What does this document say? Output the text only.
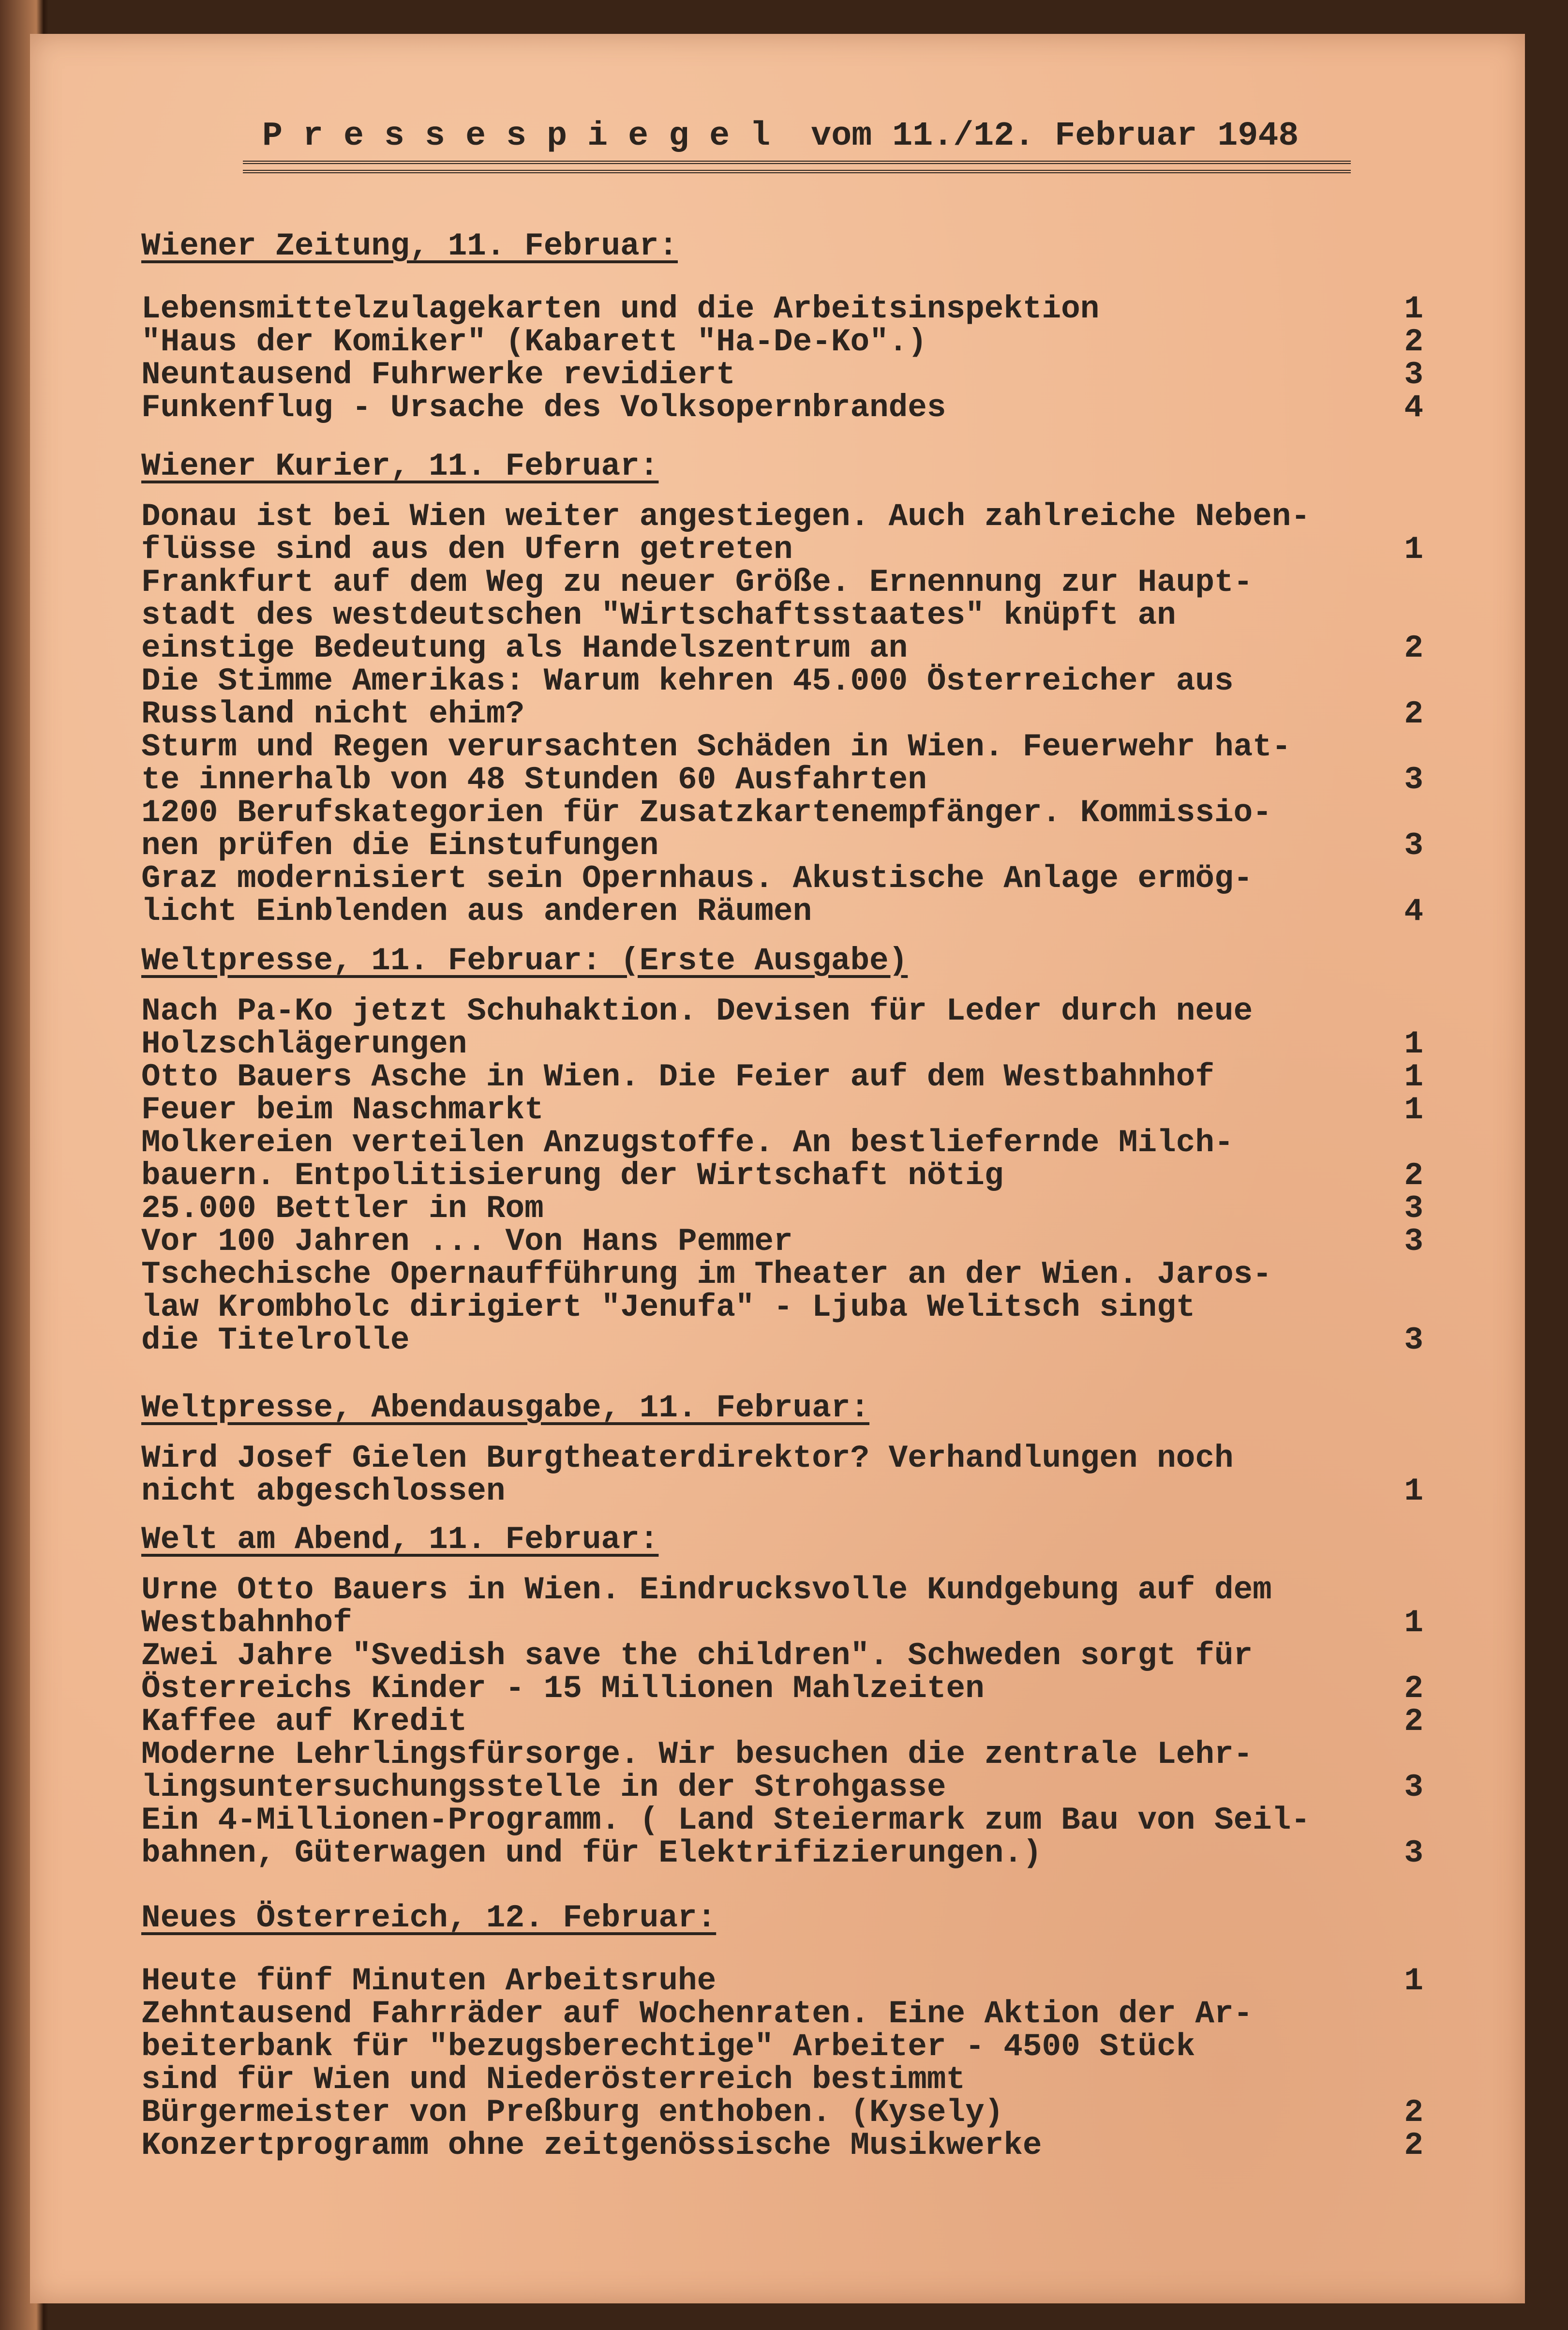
P r e s s e s p i e g e l  vom 11./12. Februar 1948
Wiener Zeitung, 11. Februar:
Lebensmittelzulagekarten und die Arbeitsinspektion	1
"Haus der Komiker" (Kabarett "Ha-De-Ko".)	2
Neuntausend Fuhrwerke revidiert	3
Funkenflug - Ursache des Volksopernbrandes	4
Wiener Kurier, 11. Februar:
Donau ist bei Wien weiter angestiegen. Auch zahlreiche Neben-
flüsse sind aus den Ufern getreten	1
Frankfurt auf dem Weg zu neuer Größe. Ernennung zur Haupt-
stadt des westdeutschen "Wirtschaftsstaates" knüpft an
einstige Bedeutung als Handelszentrum an	2
Die Stimme Amerikas: Warum kehren 45.000 Österreicher aus
Russland nicht ehim?	2
Sturm und Regen verursachten Schäden in Wien. Feuerwehr hat-
te innerhalb von 48 Stunden 60 Ausfahrten	3
1200 Berufskategorien für Zusatzkartenempfänger. Kommissio-
nen prüfen die Einstufungen	3
Graz modernisiert sein Opernhaus. Akustische Anlage ermög-
licht Einblenden aus anderen Räumen	4
Weltpresse, 11. Februar: (Erste Ausgabe)
Nach Pa-Ko jetzt Schuhaktion. Devisen für Leder durch neue
Holzschlägerungen	1
Otto Bauers Asche in Wien. Die Feier auf dem Westbahnhof	1
Feuer beim Naschmarkt	1
Molkereien verteilen Anzugstoffe. An bestliefernde Milch-
bauern. Entpolitisierung der Wirtschaft nötig	2
25.000 Bettler in Rom	3
Vor 100 Jahren ... Von Hans Pemmer	3
Tschechische Opernaufführung im Theater an der Wien. Jaros-
law Krombholc dirigiert "Jenufa" - Ljuba Welitsch singt
die Titelrolle	3
Weltpresse, Abendausgabe, 11. Februar:
Wird Josef Gielen Burgtheaterdirektor? Verhandlungen noch
nicht abgeschlossen	1
Welt am Abend, 11. Februar:
Urne Otto Bauers in Wien. Eindrucksvolle Kundgebung auf dem
Westbahnhof	1
Zwei Jahre "Svedish save the children". Schweden sorgt für
Österreichs Kinder - 15 Millionen Mahlzeiten	2
Kaffee auf Kredit	2
Moderne Lehrlingsfürsorge. Wir besuchen die zentrale Lehr-
lingsuntersuchungsstelle in der Strohgasse	3
Ein 4-Millionen-Programm. ( Land Steiermark zum Bau von Seil-
bahnen, Güterwagen und für Elektrifizierungen.)	3
Neues Österreich, 12. Februar:
Heute fünf Minuten Arbeitsruhe	1
Zehntausend Fahrräder auf Wochenraten. Eine Aktion der Ar-
beiterbank für "bezugsberechtige" Arbeiter - 4500 Stück
sind für Wien und Niederösterreich bestimmt
Bürgermeister von Preßburg enthoben. (Kysely)	2
Konzertprogramm ohne zeitgenössische Musikwerke	2
